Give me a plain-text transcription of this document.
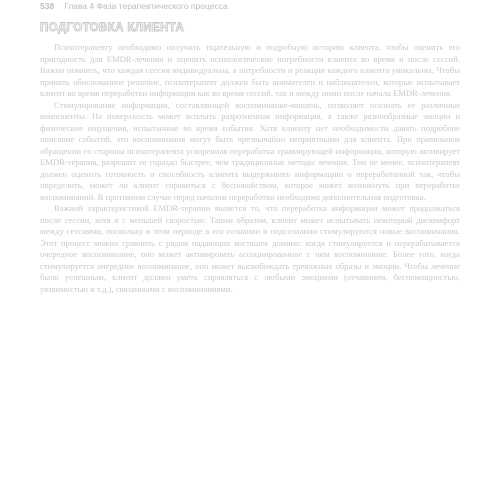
538 Глава 4 Фаза терапевтического процесса
ПОДГОТОВКА КЛИЕНТА

Психотерапевту необходимо получить тщательную и подробную историю клиента, чтобы оценить его пригодность для EMDR-лечения и оценить психологические потребности клиента во время и после сессий. Важно помнить, что каждая сессия индивидуальна, а потребности и реакции каждого клиента уникальны. Чтобы принять обоснованное решение, психотерапевт должен быть внимателен и наблюдателен, которые испытывает клиент во время переработки информации как во время сессий, так и между ними после начала EMDR-лечения.

Стимулирование информации, составляющей воспоминание-мишень, позволяет осознать ее различные компоненты. На поверхность может всплыть разрозненная информация, а также разнообразные эмоции и физические ощущения, испытанные во время события. Хотя клиенту нет необходимости давать подробное описание событий, это воспоминания могут быть чрезвычайно неприятными для клиента. При правильном обращении со стороны психотерапевта ускоренная переработка травмирующей информации, которую активирует EMDR-терапия, разрешит ее гораздо быстрее, чем традиционные методы лечения. Тем не менее, психотерапевт должен оценить готовность и способность клиента выдерживать информацию о переработанной так, чтобы определить, может ли клиент справиться с беспокойством, которое может возникнуть при переработке воспоминаний. В противном случае перед началом переработки необходима дополнительная подготовка.

Важной характеристикой EMDR-терапии является то, что переработка информации может продолжаться после сессии, хотя и с меньшей скоростью. Таким образом, клиент может испытывать некоторый дискомфорт между сессиями, поскольку в этом периоде в его сознании и подсознании стимулируются новые воспоминания. Этот процесс можно сравнить с рядом падающих костяшек домино: когда стимулируется и перерабатывается очередное воспоминание, оно может активировать ассоциированное с ним воспоминание. Более того, когда стимулируется очередное воспоминание, оно может высвобождать тревожные образы и эмоции. Чтобы лечение было успешным, клиент должен уметь справляться с любыми эмоциями (отчаянием, беспомощностью, уязвимостью и т.д.), связанными с воспоминаниями.
